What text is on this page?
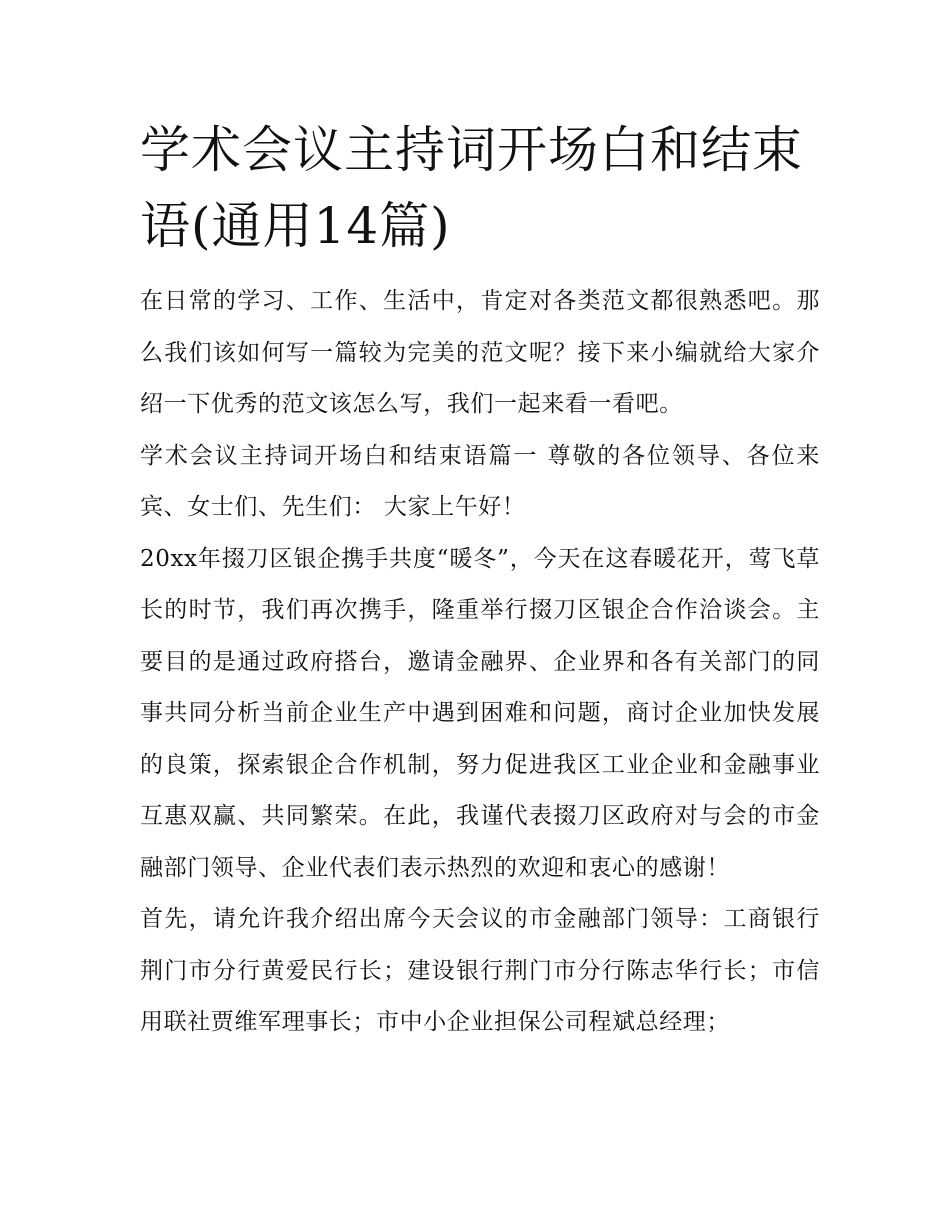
学术会议主持词开场白和结束语(通用14篇)

在日常的学习、工作、生活中，肯定对各类范文都很熟悉吧。那么我们该如何写一篇较为完美的范文呢？接下来小编就给大家介绍一下优秀的范文该怎么写，我们一起来看一看吧。

学术会议主持词开场白和结束语篇一 尊敬的各位领导、各位来宾、女士们、先生们： 大家上午好！

20xx年掇刀区银企携手共度“暖冬”，今天在这春暖花开，莺飞草长的时节，我们再次携手，隆重举行掇刀区银企合作洽谈会。主要目的是通过政府搭台，邀请金融界、企业界和各有关部门的同事共同分析当前企业生产中遇到困难和问题，商讨企业加快发展的良策，探索银企合作机制，努力促进我区工业企业和金融事业互惠双赢、共同繁荣。在此，我谨代表掇刀区政府对与会的市金融部门领导、企业代表们表示热烈的欢迎和衷心的感谢！

首先，请允许我介绍出席今天会议的市金融部门领导：工商银行荆门市分行黄爱民行长；建设银行荆门市分行陈志华行长；市信用联社贾维军理事长；市中小企业担保公司程斌总经理；
